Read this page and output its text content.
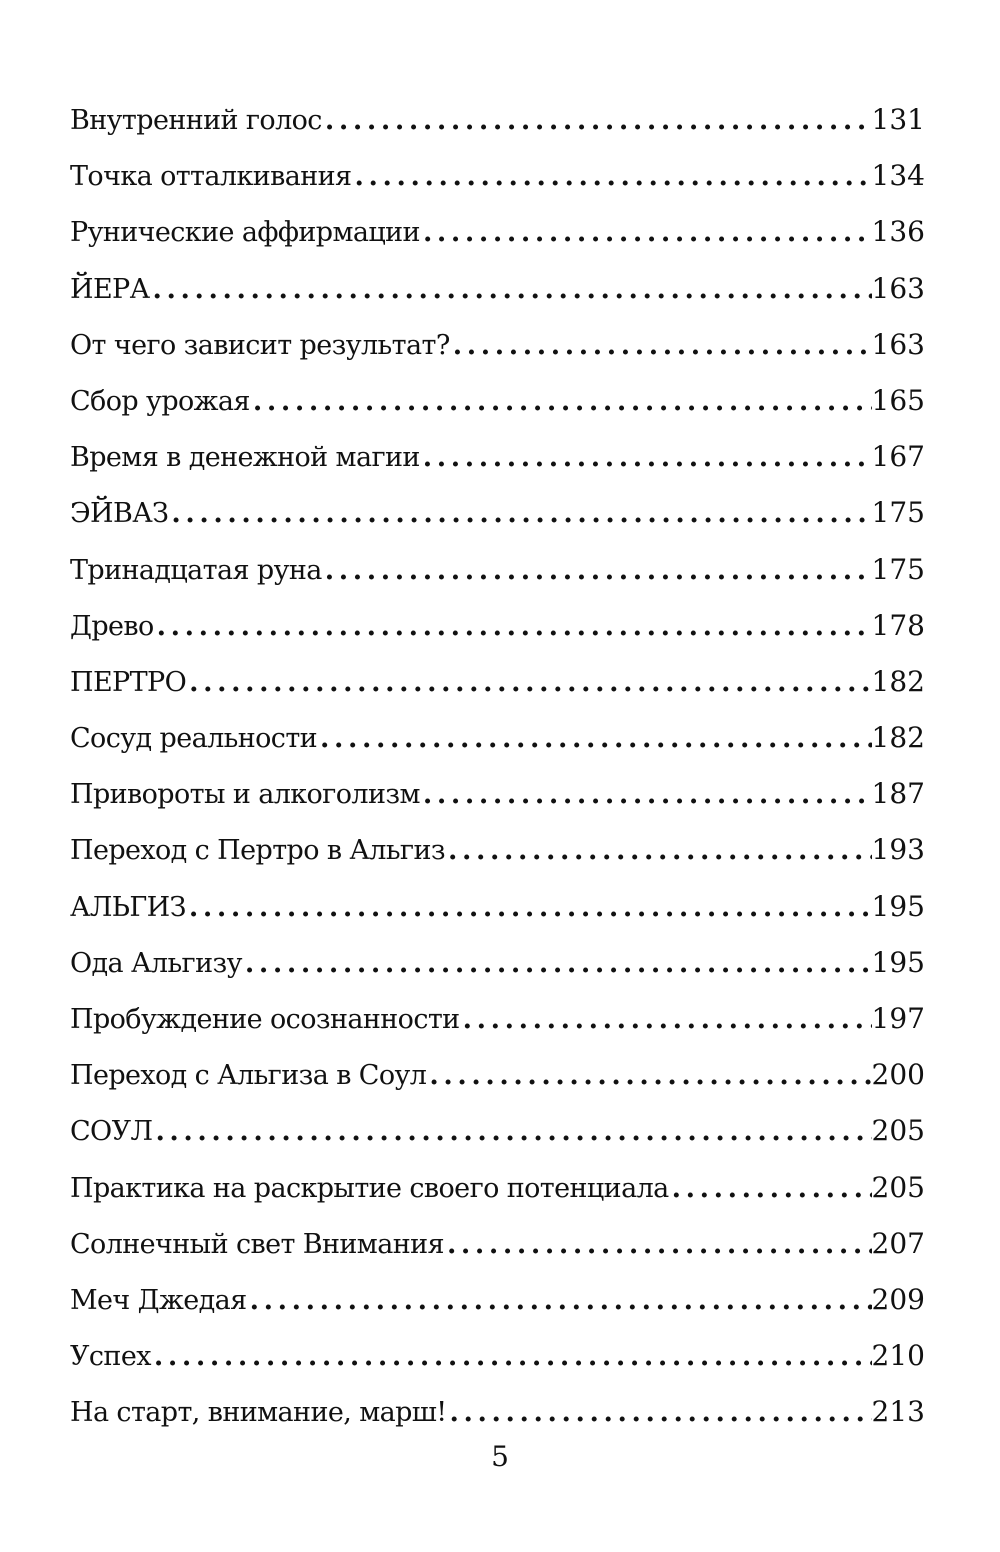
Внутренний голос . . .	131
Точка отталкивания . . .	134
Рунические аффирмации . . .	136
ЙЕРА . . .	163
От чего зависит результат? . . .	163
Сбор урожая . . .	165
Время в денежной магии . . .	167
ЭЙВАЗ . . .	175
Тринадцатая руна . . .	175
Древо . . .	178
ПЕРТРО . . .	182
Сосуд реальности . . .	182
Привороты и алкоголизм . . .	187
Переход с Пертро в Альгиз . . .	193
АЛЬГИЗ . . .	195
Ода Альгизу . . .	195
Пробуждение осознанности . . .	197
Переход с Альгиза в Соул . . .	200
СОУЛ . . .	205
Практика на раскрытие своего потенциала . . .	205
Солнечный свет Внимания . . .	207
Меч Джедая . . .	209
Успех . . .	210
На старт, внимание, марш! . . .	213
5
